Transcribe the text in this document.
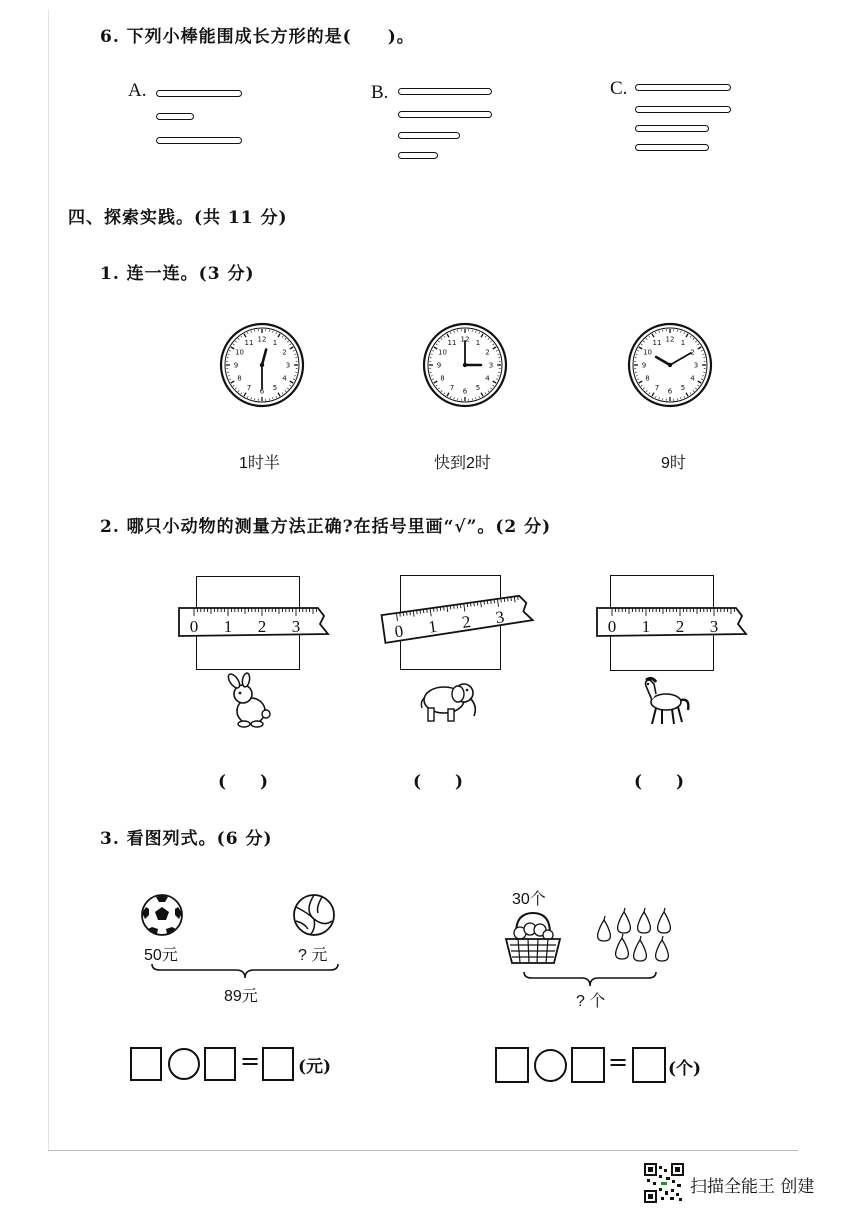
6. 下列小棒能围成长方形的是(　　)。
A.	B.	C.
四、探索实践。(共 11 分)
1. 连一连。(3 分)
12 1
2
3
4
5
6
7
8
9
10
11	12 1
2
3
4
5
6
7
8
9
10
11	12 1
2
3
4
5
6
7
8
9
10
11
1时半	快到2时	9时
2. 哪只小动物的测量方法正确?在括号里画“√”。(2 分)
0 1 2 3
(　　)
0 1 2 3
(　　)
0 1 2 3
(　　)
3. 看图列式。(6 分)
50元	? 元
89元
= (元)
30个
? 个
= (个)
扫描全能王 创建
